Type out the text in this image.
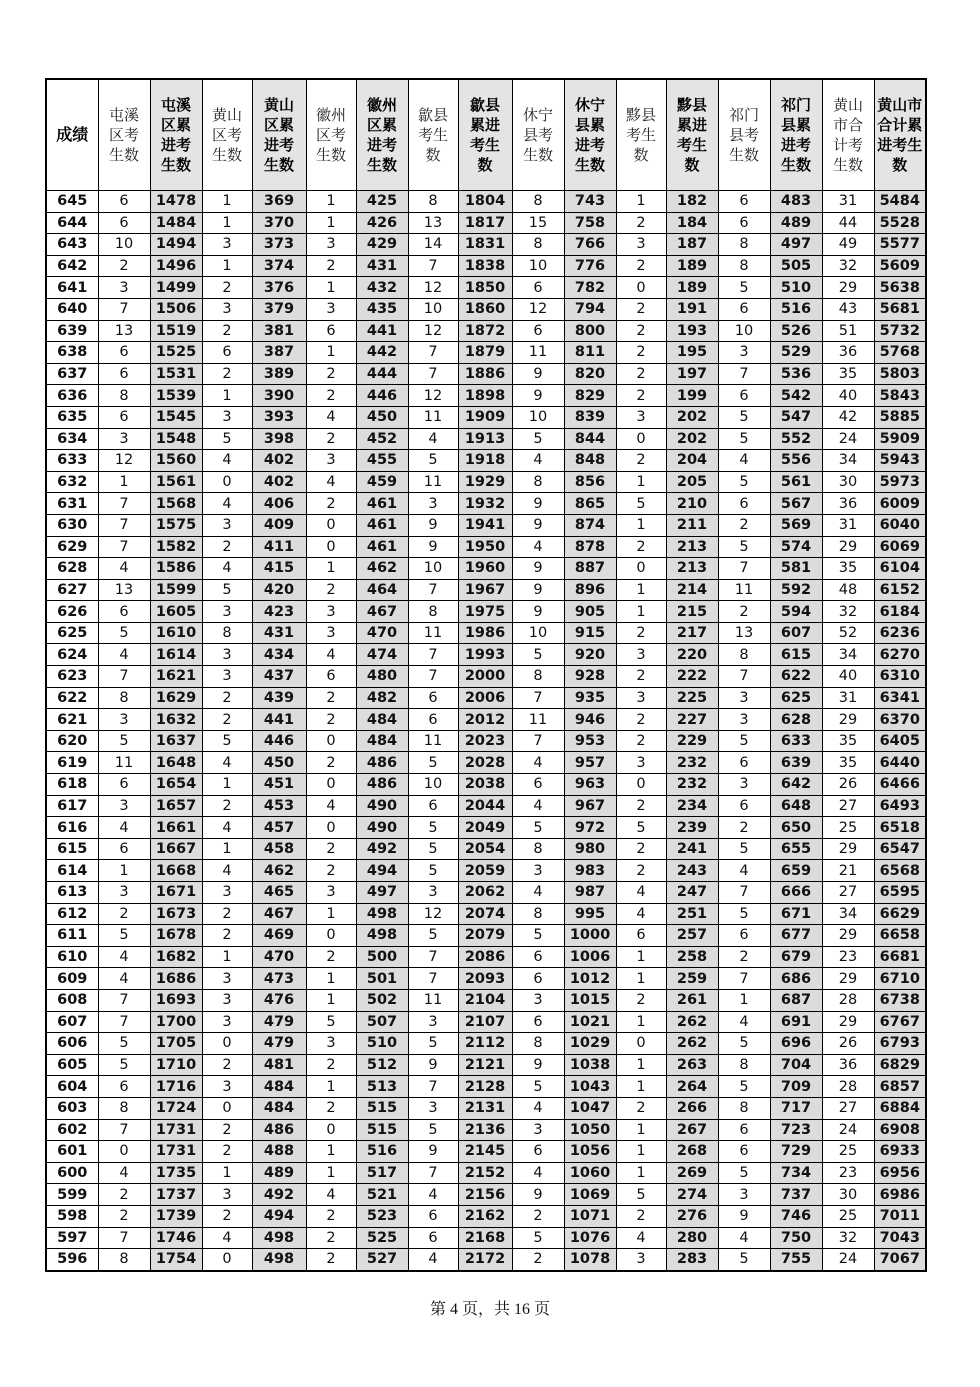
成绩	屯溪
区考
生数	屯溪
区累
进考
生数	黄山
区考
生数	黄山
区累
进考
生数	徽州
区考
生数	徽州
区累
进考
生数	歙县
考生
数	歙县
累进
考生
数	休宁
县考
生数	休宁
县累
进考
生数	黟县
考生
数	黟县
累进
考生
数	祁门
县考
生数	祁门
县累
进考
生数	黄山
市合
计考
生数	黄山市
合计累
进考生
数
645	6	1478	1	369	1	425	8	1804	8	743	1	182	6	483	31	5484
644	6	1484	1	370	1	426	13	1817	15	758	2	184	6	489	44	5528
643	10	1494	3	373	3	429	14	1831	8	766	3	187	8	497	49	5577
642	2	1496	1	374	2	431	7	1838	10	776	2	189	8	505	32	5609
641	3	1499	2	376	1	432	12	1850	6	782	0	189	5	510	29	5638
640	7	1506	3	379	3	435	10	1860	12	794	2	191	6	516	43	5681
639	13	1519	2	381	6	441	12	1872	6	800	2	193	10	526	51	5732
638	6	1525	6	387	1	442	7	1879	11	811	2	195	3	529	36	5768
637	6	1531	2	389	2	444	7	1886	9	820	2	197	7	536	35	5803
636	8	1539	1	390	2	446	12	1898	9	829	2	199	6	542	40	5843
635	6	1545	3	393	4	450	11	1909	10	839	3	202	5	547	42	5885
634	3	1548	5	398	2	452	4	1913	5	844	0	202	5	552	24	5909
633	12	1560	4	402	3	455	5	1918	4	848	2	204	4	556	34	5943
632	1	1561	0	402	4	459	11	1929	8	856	1	205	5	561	30	5973
631	7	1568	4	406	2	461	3	1932	9	865	5	210	6	567	36	6009
630	7	1575	3	409	0	461	9	1941	9	874	1	211	2	569	31	6040
629	7	1582	2	411	0	461	9	1950	4	878	2	213	5	574	29	6069
628	4	1586	4	415	1	462	10	1960	9	887	0	213	7	581	35	6104
627	13	1599	5	420	2	464	7	1967	9	896	1	214	11	592	48	6152
626	6	1605	3	423	3	467	8	1975	9	905	1	215	2	594	32	6184
625	5	1610	8	431	3	470	11	1986	10	915	2	217	13	607	52	6236
624	4	1614	3	434	4	474	7	1993	5	920	3	220	8	615	34	6270
623	7	1621	3	437	6	480	7	2000	8	928	2	222	7	622	40	6310
622	8	1629	2	439	2	482	6	2006	7	935	3	225	3	625	31	6341
621	3	1632	2	441	2	484	6	2012	11	946	2	227	3	628	29	6370
620	5	1637	5	446	0	484	11	2023	7	953	2	229	5	633	35	6405
619	11	1648	4	450	2	486	5	2028	4	957	3	232	6	639	35	6440
618	6	1654	1	451	0	486	10	2038	6	963	0	232	3	642	26	6466
617	3	1657	2	453	4	490	6	2044	4	967	2	234	6	648	27	6493
616	4	1661	4	457	0	490	5	2049	5	972	5	239	2	650	25	6518
615	6	1667	1	458	2	492	5	2054	8	980	2	241	5	655	29	6547
614	1	1668	4	462	2	494	5	2059	3	983	2	243	4	659	21	6568
613	3	1671	3	465	3	497	3	2062	4	987	4	247	7	666	27	6595
612	2	1673	2	467	1	498	12	2074	8	995	4	251	5	671	34	6629
611	5	1678	2	469	0	498	5	2079	5	1000	6	257	6	677	29	6658
610	4	1682	1	470	2	500	7	2086	6	1006	1	258	2	679	23	6681
609	4	1686	3	473	1	501	7	2093	6	1012	1	259	7	686	29	6710
608	7	1693	3	476	1	502	11	2104	3	1015	2	261	1	687	28	6738
607	7	1700	3	479	5	507	3	2107	6	1021	1	262	4	691	29	6767
606	5	1705	0	479	3	510	5	2112	8	1029	0	262	5	696	26	6793
605	5	1710	2	481	2	512	9	2121	9	1038	1	263	8	704	36	6829
604	6	1716	3	484	1	513	7	2128	5	1043	1	264	5	709	28	6857
603	8	1724	0	484	2	515	3	2131	4	1047	2	266	8	717	27	6884
602	7	1731	2	486	0	515	5	2136	3	1050	1	267	6	723	24	6908
601	0	1731	2	488	1	516	9	2145	6	1056	1	268	6	729	25	6933
600	4	1735	1	489	1	517	7	2152	4	1060	1	269	5	734	23	6956
599	2	1737	3	492	4	521	4	2156	9	1069	5	274	3	737	30	6986
598	2	1739	2	494	2	523	6	2162	2	1071	2	276	9	746	25	7011
597	7	1746	4	498	2	525	6	2168	5	1076	4	280	4	750	32	7043
596	8	1754	0	498	2	527	4	2172	2	1078	3	283	5	755	24	7067
第 4 页，共 16 页
